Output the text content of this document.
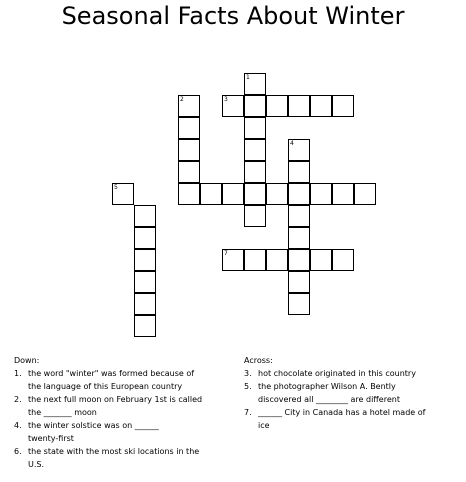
Seasonal Facts About Winter
2
1
4
3
7
5
Down:
1. the word "winter" was formed because of
the language of this European country
2. the next full moon on February 1st is called
the _______ moon
4. the winter solstice was on ______
twenty-first
6. the state with the most ski locations in the
U.S.
Across:
3. hot chocolate originated in this country
5. the photographer Wilson A. Bently
discovered all ________ are different
7. ______ City in Canada has a hotel made of
ice
